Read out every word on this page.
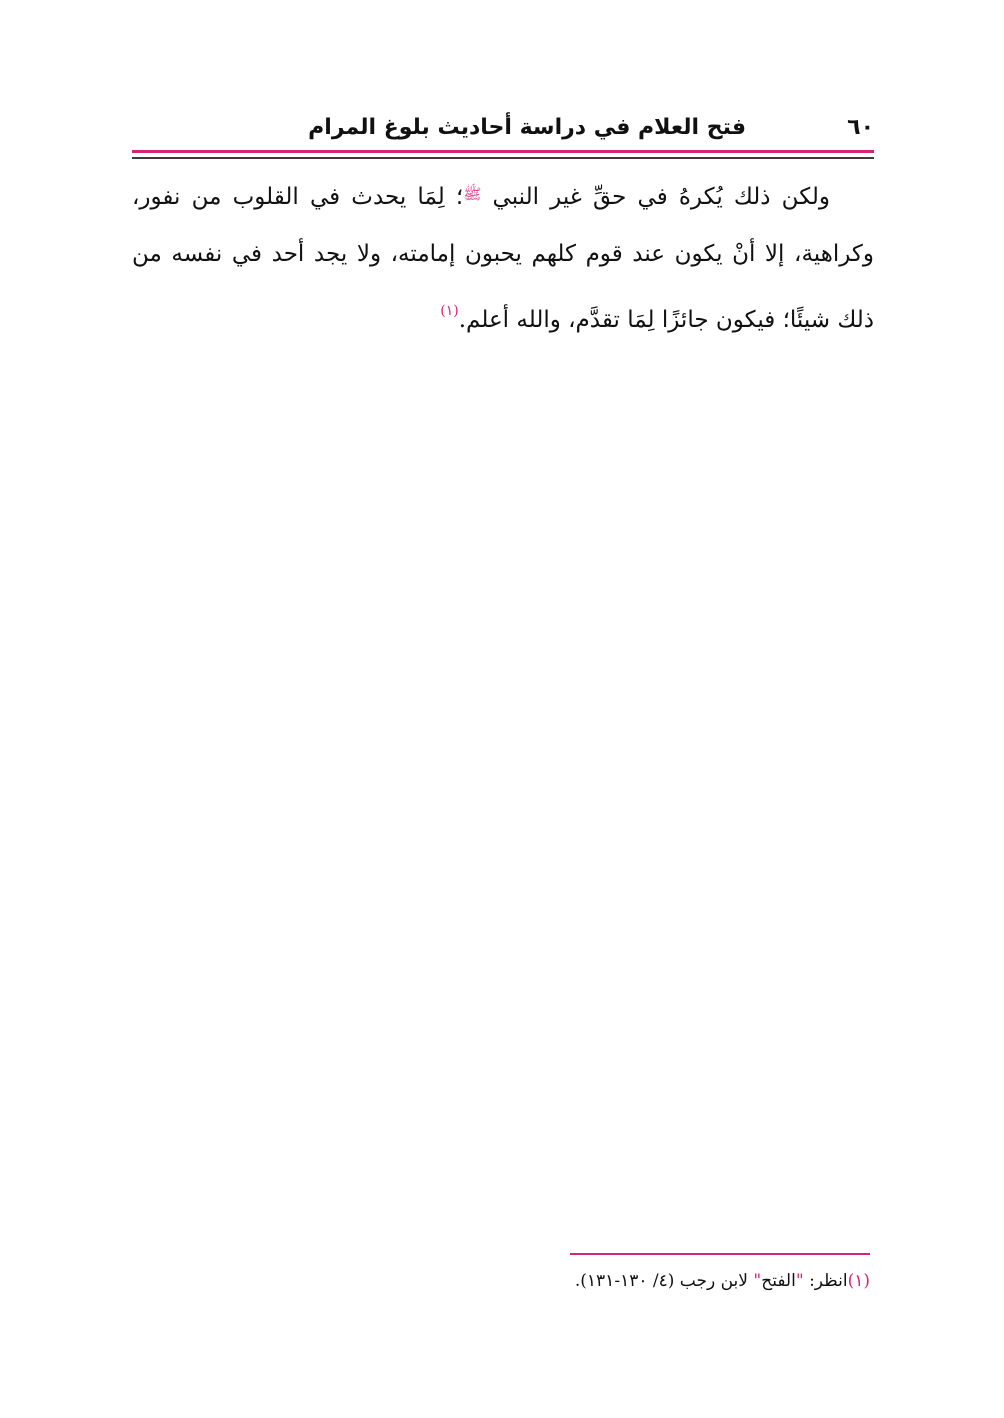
فتح العلام في دراسة أحاديث بلوغ المرام	٦٠
ولكن ذلك يُكرهُ في حقِّ غير النبي $^ﷺ$؛ لِمَا يحدث في القلوب من نفور،
وكراهية، إلا أنْ يكون عند قوم كلهم يحبون إمامته، ولا يجد أحد في نفسه من
ذلك شيئًا؛ فيكون جائزًا لِمَا تقدَّم، والله أعلم.$^{(١)}$
(١)انظر: "الفتح" لابن رجب (٤/ ١٣٠-١٣١).
